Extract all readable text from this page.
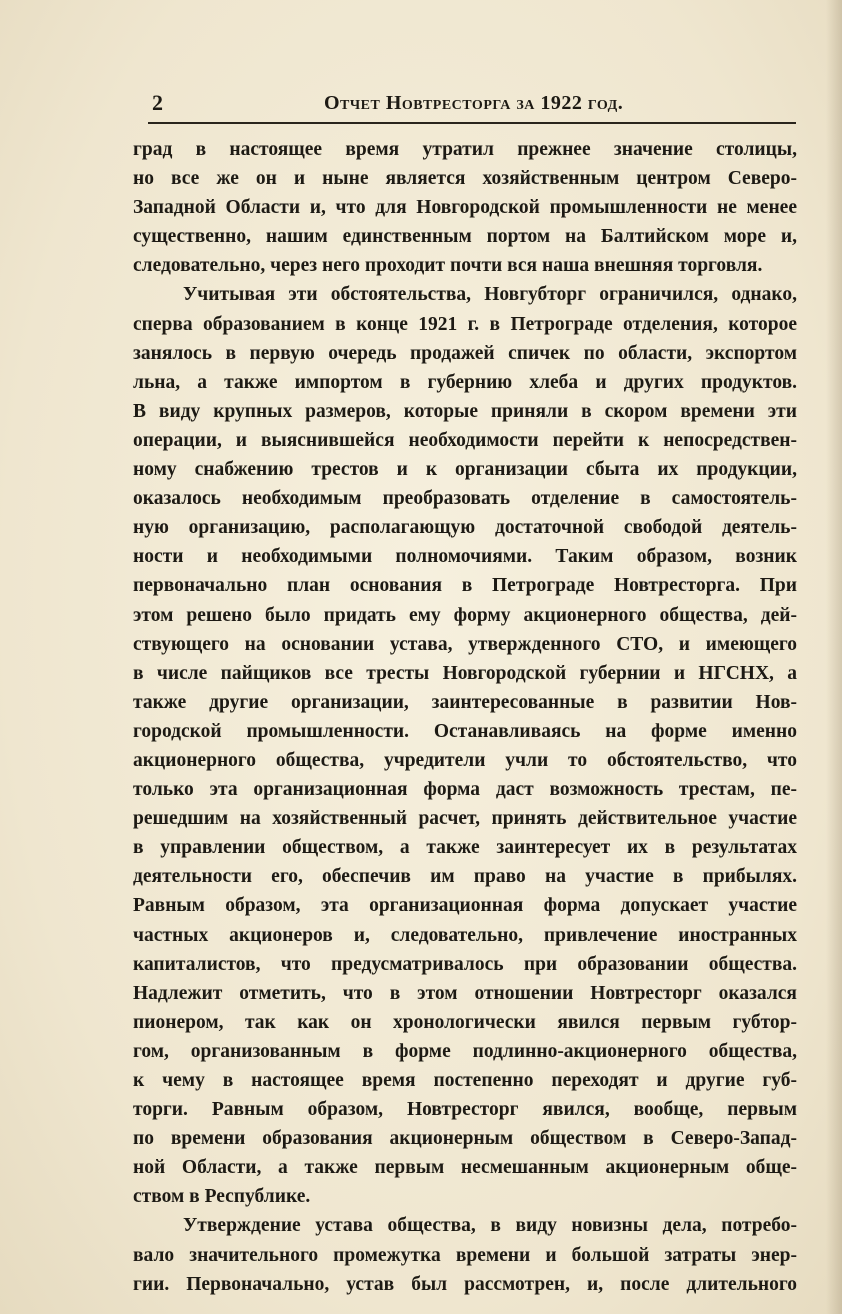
2	Отчет Новтресторга за 1922 год.
град в настоящее время утратил прежнее значение столицы,
но все же он и ныне является хозяйственным центром Северо-
Западной Области и, что для Новгородской промышленности не менее
существенно, нашим единственным портом на Балтийском море и,
следовательно, через него проходит почти вся наша внешняя торговля.
Учитывая эти обстоятельства, Новгубторг ограничился, однако,
сперва образованием в конце 1921 г. в Петрограде отделения, которое
занялось в первую очередь продажей спичек по области, экспортом
льна, а также импортом в губернию хлеба и других продуктов.
В виду крупных размеров, которые приняли в скором времени эти
операции, и выяснившейся необходимости перейти к непосредствен-
ному снабжению трестов и к организации сбыта их продукции,
оказалось необходимым преобразовать отделение в самостоятель-
ную организацию, располагающую достаточной свободой деятель-
ности и необходимыми полномочиями. Таким образом, возник
первоначально план основания в Петрограде Новтресторга. При
этом решено было придать ему форму акционерного общества, дей-
ствующего на основании устава, утвержденного СТО, и имеющего
в числе пайщиков все тресты Новгородской губернии и НГСНХ, а
также другие организации, заинтересованные в развитии Нов-
городской промышленности. Останавливаясь на форме именно
акционерного общества, учредители учли то обстоятельство, что
только эта организационная форма даст возможность трестам, пе-
решедшим на хозяйственный расчет, принять действительное участие
в управлении обществом, а также заинтересует их в результатах
деятельности его, обеспечив им право на участие в прибылях.
Равным образом, эта организационная форма допускает участие
частных акционеров и, следовательно, привлечение иностранных
капиталистов, что предусматривалось при образовании общества.
Надлежит отметить, что в этом отношении Новтресторг оказался
пионером, так как он хронологически явился первым губтор-
гом, организованным в форме подлинно-акционерного общества,
к чему в настоящее время постепенно переходят и другие губ-
торги. Равным образом, Новтресторг явился, вообще, первым
по времени образования акционерным обществом в Северо-Запад-
ной Области, а также первым несмешанным акционерным обще-
ством в Республике.
Утверждение устава общества, в виду новизны дела, потребо-
вало значительного промежутка времени и большой затраты энер-
гии. Первоначально, устав был рассмотрен, и, после длительного
